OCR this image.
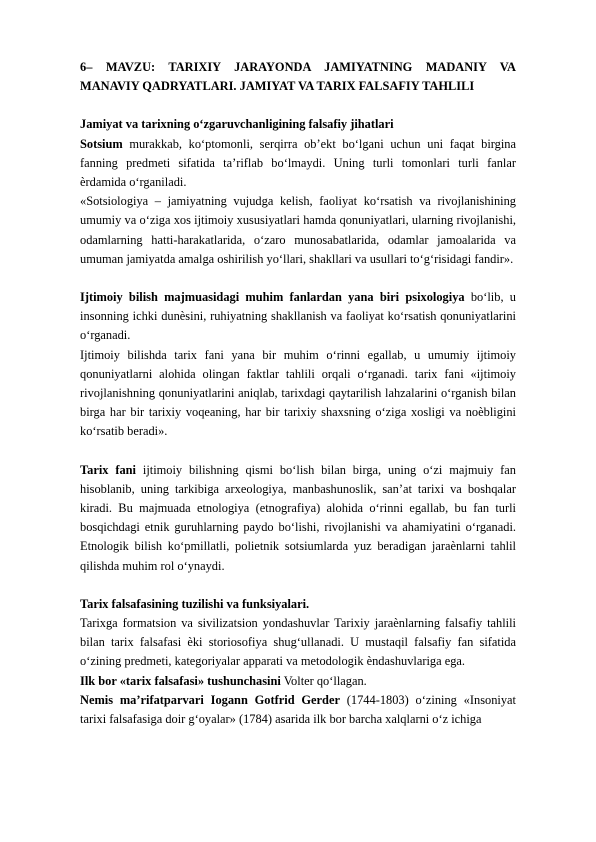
6– MAVZU: TARIXIY JARAYONDA JAMIYATNING MADANIY VA MANAVIY QADRYATLARI. JAMIYAT VA TARIX FALSAFIY TAHLILI
Jamiyat va tarixning o‘zgaruvchanligining falsafiy jihatlari
Sotsium murakkab, ko‘ptomonli, serqirra ob’ekt bo‘lgani uchun uni faqat birgina fanning predmeti sifatida ta’riflab bo‘lmaydi. Uning turli tomonlari turli fanlar ѐrdamida o‘rganiladi.
«Sotsiologiya – jamiyatning vujudga kelish, faoliyat ko‘rsatish va rivojlanishining umumiy va o‘ziga xos ijtimoiy xususiyatlari hamda qonuniyatlari, ularning rivojlanishi, odamlarning hatti-harakatlarida, o‘zaro munosabatlarida, odamlar jamoalarida va umuman jamiyatda amalga oshirilish yo‘llari, shakllari va usullari to‘g‘risidagi fandir».
Ijtimoiy bilish majmuasidagi muhim fanlardan yana biri psixologiya bo‘lib, u insonning ichki dunѐsini, ruhiyatning shakllanish va faoliyat ko‘rsatish qonuniyatlarini o‘rganadi.
Ijtimoiy bilishda tarix fani yana bir muhim o‘rinni egallab, u umumiy ijtimoiy qonuniyatlarni alohida olingan faktlar tahlili orqali o‘rganadi. tarix fani «ijtimoiy rivojlanishning qonuniyatlarini aniqlab, tarixdagi qaytarilish lahzalarini o‘rganish bilan birga har bir tarixiy voqeaning, har bir tarixiy shaxsning o‘ziga xosligi va noѐbligini ko‘rsatib beradi».
Tarix fani ijtimoiy bilishning qismi bo‘lish bilan birga, uning o‘zi majmuiy fan hisoblanib, uning tarkibiga arxeologiya, manbashunoslik, san’at tarixi va boshqalar kiradi. Bu majmuada etnologiya (etnografiya) alohida o‘rinni egallab, bu fan turli bosqichdagi etnik guruhlarning paydo bo‘lishi, rivojlanishi va ahamiyatini o‘rganadi. Etnologik bilish ko‘pmillatli, polietnik sotsiumlarda yuz beradigan jaraѐnlarni tahlil qilishda muhim rol o‘ynaydi.
Tarix falsafasining tuzilishi va funksiyalari.
Tarixga formatsion va sivilizatsion yondashuvlar Tarixiy jaraѐnlarning falsafiy tahlili bilan tarix falsafasi ѐki storiosofiya shug‘ullanadi. U mustaqil falsafiy fan sifatida o‘zining predmeti, kategoriyalar apparati va metodologik ѐndashuvlariga ega.
Ilk bor «tarix falsafasi» tushunchasini Volter qo‘llagan.
Nemis ma’rifatparvari Iogann Gotfrid Gerder (1744-1803) o‘zining «Insoniyat tarixi falsafasiga doir g‘oyalar» (1784) asarida ilk bor barcha xalqlarni o‘z ichiga
